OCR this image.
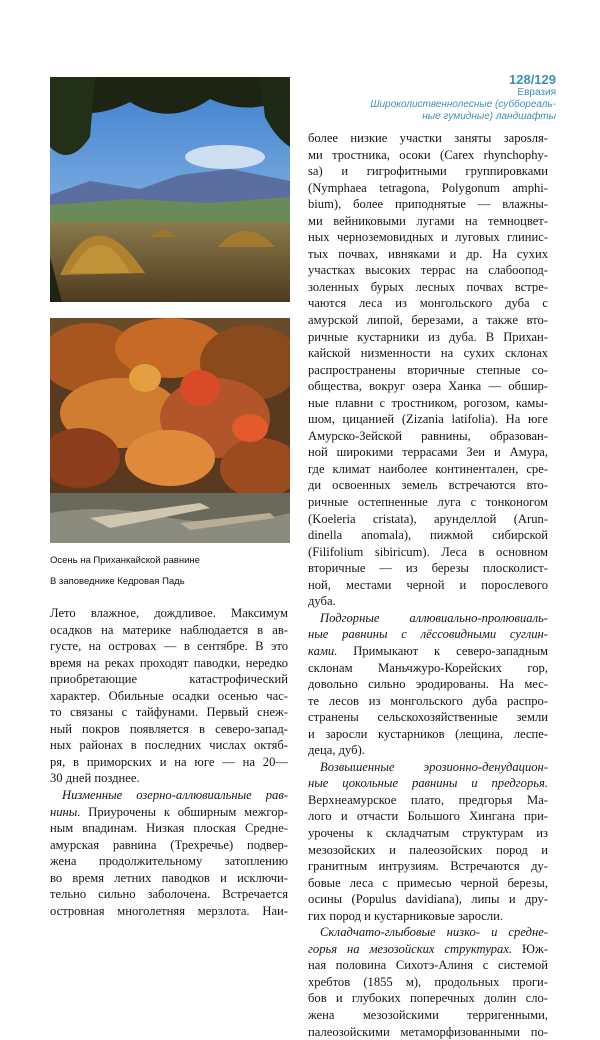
Осень на Приханкайской равнине
В заповеднике Кедровая Падь
128/129
Евразия
Широколиственнолесные (суббореаль-
ные гумидные) ландшафты
Лето влажное, дождливое. Максимум
осадков на материке наблюдается в ав-
густе, на островах — в сентябре. В это
время на реках проходят паводки, нередко
приобретающие катастрофический
характер. Обильные осадки осенью час-
то связаны с тайфунами. Первый снеж-
ный покров появляется в северо-запад-
ных районах в последних числах октяб-
ря, в приморских и на юге — на 20—
30 дней позднее.
Низменные озерно-аллювиальные рав-
нины. Приурочены к обширным межгор-
ным впадинам. Низкая плоская Средне-
амурская равнина (Трехречье) подвер-
жена продолжительному затоплению
во время летних паводков и исключи-
тельно сильно заболочена. Встречается
островная многолетняя мерзлота. Наи-
более низкие участки заняты зарosля-
ми тростника, осоки (Carex rhynchophy-
sa) и гигрофитными группировками
(Nymphaea tetragona, Polygonum amphi-
bium), более приподнятые — влажны-
ми вейниковыми лугами на темноцвет-
ных черноземовидных и луговых глинис-
тых почвах, ивняками и др. На сухих
участках высоких террас на слабоопод-
золенных бурых лесных почвах встре-
чаются леса из монгольского дуба с
амурской липой, березами, а также вто-
ричные кустарники из дуба. В Прихан-
кайской низменности на сухих склонах
распространены вторичные степные со-
общества, вокруг озера Ханка — обшир-
ные плавни с тростником, рогозом, камы-
шом, цицанией (Zizania latifolia). На юге
Амурско-Зейской равнины, образован-
ной широкими террасами Зеи и Амура,
где климат наиболее континентален, сре-
ди освоенных земель встречаются вто-
ричные остепненные луга с тонконогом
(Koeleria cristata), арунделлой (Arun-
dinella anomala), пижмой сибирской
(Filifolium sibiricum). Леса в основном
вторичные — из березы плосколист-
ной, местами черной и порослевого
дуба.
Подгорные аллювиально-пролювиаль-
ные равнины с лёссовидными суглин-
ками. Примыкают к северо-западным
склонам Маньчжуро-Корейских гор,
довольно сильно эродированы. На мес-
те лесов из монгольского дуба распро-
странены сельскохозяйственные земли
и заросли кустарников (лещина, леспе-
деца, дуб).
Возвышенные эрозионно-денудацион-
ные цокольные равнины и предгорья.
Верхнеамурское плато, предгорья Ма-
лого и отчасти Большого Хингана при-
урочены к складчатым структурам из
мезозойских и палеозойских пород и
гранитным интрузиям. Встречаются ду-
бовые леса с примесью черной березы,
осины (Populus davidiana), липы и дру-
гих пород и кустарниковые заросли.
Складчато-глыбовые низко- и средне-
горья на мезозойских структурах. Юж-
ная половина Сихотэ-Алиня с системой
хребтов (1855 м), продольных проги-
бов и глубоких поперечных долин сло-
жена мезозойскими терригенными,
палеозойскими метаморфизованными по-
